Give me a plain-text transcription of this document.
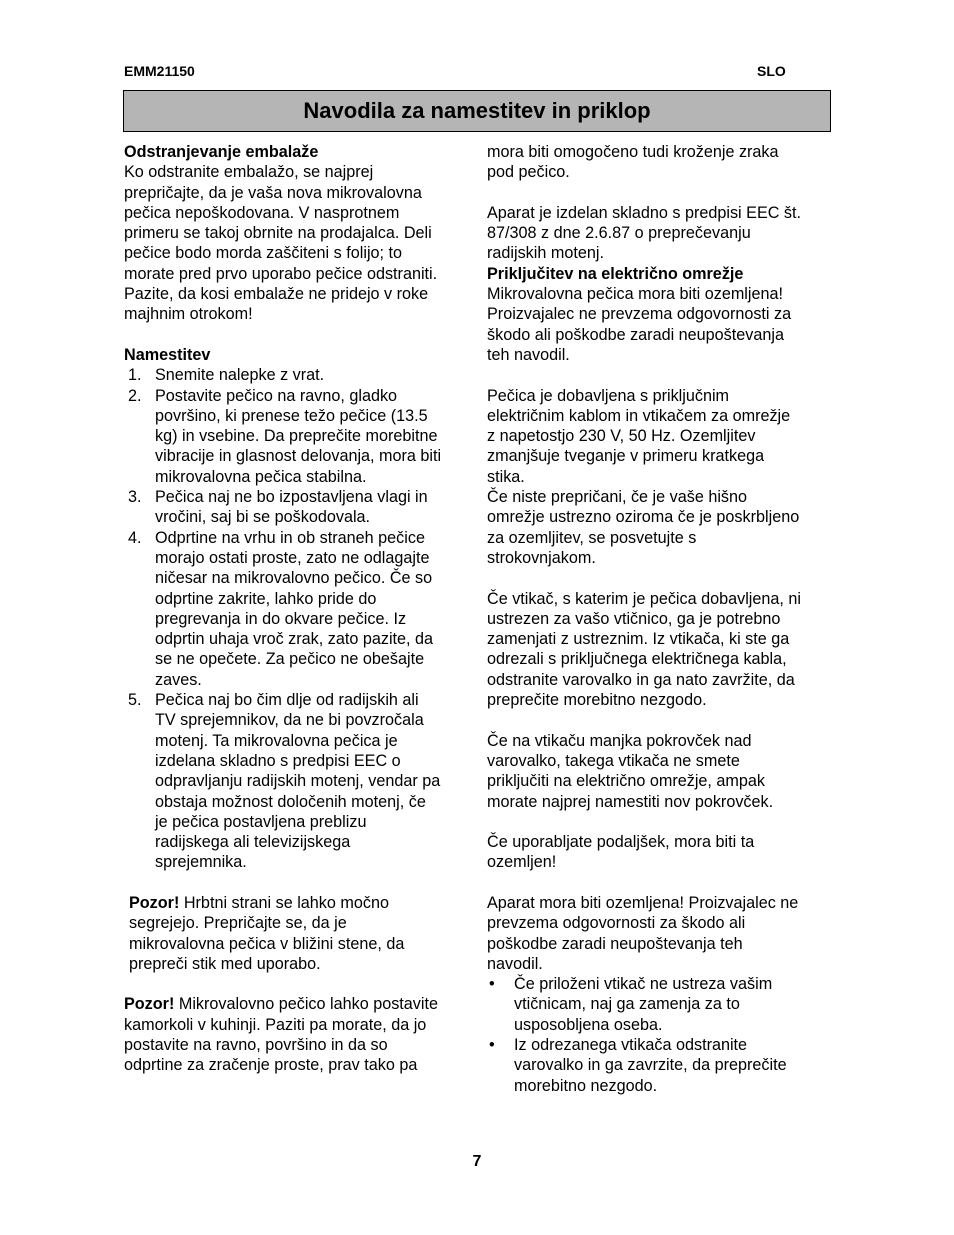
EMM21150	SLO
Navodila za namestitev in priklop

Odstranjevanje embalaže

Ko odstranite embalažo, se najprej

prepričajte, da je vaša nova mikrovalovna

pečica nepoškodovana. V nasprotnem

primeru se takoj obrnite na prodajalca. Deli

pečice bodo morda zaščiteni s folijo; to

morate pred prvo uporabo pečice odstraniti.

Pazite, da kosi embalaže ne pridejo v roke

majhnim otrokom!

Namestitev

1. Snemite nalepke z vrat.

2. Postavite pečico na ravno, gladko

površino, ki prenese težo pečice (13.5

kg) in vsebine. Da preprečite morebitne

vibracije in glasnost delovanja, mora biti

mikrovalovna pečica stabilna.

3. Pečica naj ne bo izpostavljena vlagi in

vročini, saj bi se poškodovala.

4. Odprtine na vrhu in ob straneh pečice

morajo ostati proste, zato ne odlagajte

ničesar na mikrovalovno pečico. Če so

odprtine zakrite, lahko pride do

pregrevanja in do okvare pečice. Iz

odprtin uhaja vroč zrak, zato pazite, da

se ne opečete. Za pečico ne obešajte

zaves.

5. Pečica naj bo čim dlje od radijskih ali

TV sprejemnikov, da ne bi povzročala

motenj. Ta mikrovalovna pečica je

izdelana skladno s predpisi EEC o

odpravljanju radijskih motenj, vendar pa

obstaja možnost določenih motenj, če

je pečica postavljena preblizu

radijskega ali televizijskega

sprejemnika.

Pozor! Hrbtni strani se lahko močno

segrejejo. Prepričajte se, da je

mikrovalovna pečica v bližini stene, da

prepreči stik med uporabo.

Pozor! Mikrovalovno pečico lahko postavite

kamorkoli v kuhinji. Paziti pa morate, da jo

postavite na ravno, površino in da so

odprtine za zračenje proste, prav tako pa

mora biti omogočeno tudi kroženje zraka

pod pečico.

Aparat je izdelan skladno s predpisi EEC št.

87/308 z dne 2.6.87 o preprečevanju

radijskih motenj.

Priključitev na električno omrežje

Mikrovalovna pečica mora biti ozemljena!

Proizvajalec ne prevzema odgovornosti za

škodo ali poškodbe zaradi neupoštevanja

teh navodil.

Pečica je dobavljena s priključnim

električnim kablom in vtikačem za omrežje

z napetostjo 230 V, 50 Hz. Ozemljitev

zmanjšuje tveganje v primeru kratkega

stika.

Če niste prepričani, če je vaše hišno

omrežje ustrezno oziroma če je poskrbljeno

za ozemljitev, se posvetujte s

strokovnjakom.

Če vtikač, s katerim je pečica dobavljena, ni

ustrezen za vašo vtičnico, ga je potrebno

zamenjati z ustreznim. Iz vtikača, ki ste ga

odrezali s priključnega električnega kabla,

odstranite varovalko in ga nato zavržite, da

preprečite morebitno nezgodo.

Če na vtikaču manjka pokrovček nad

varovalko, takega vtikača ne smete

priključiti na električno omrežje, ampak

morate najprej namestiti nov pokrovček.

Če uporabljate podaljšek, mora biti ta

ozemljen!

Aparat mora biti ozemljena! Proizvajalec ne

prevzema odgovornosti za škodo ali

poškodbe zaradi neupoštevanja teh

navodil.

• Če priloženi vtikač ne ustreza vašim

vtičnicam, naj ga zamenja za to

usposobljena oseba.

• Iz odrezanega vtikača odstranite

varovalko in ga zavrzite, da preprečite

morebitno nezgodo.

7
